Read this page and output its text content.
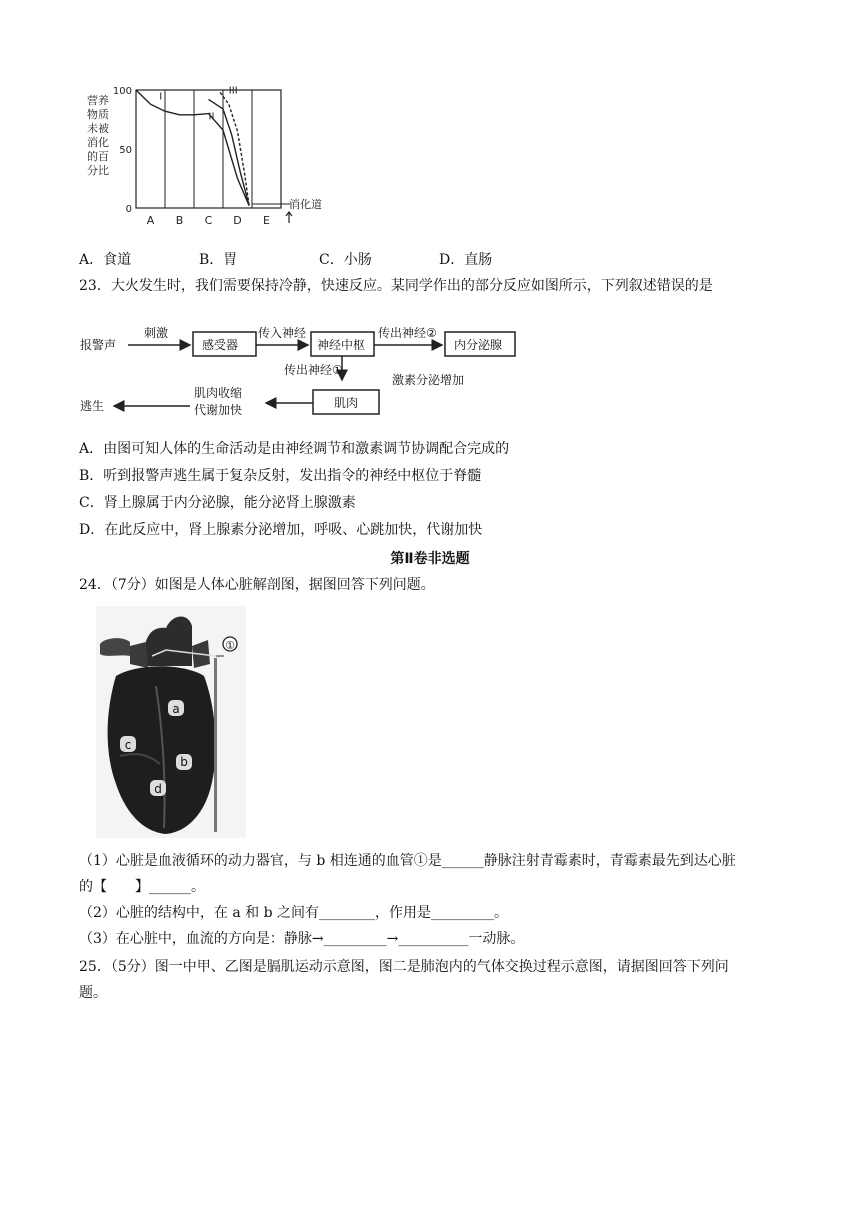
营养
物质
未被
消化
的百
分比
100
50
0
A B C D E
消化道
I
II
III
A．食道	B．胃	C．小肠	D．直肠
23．大火发生时，我们需要保持冷静，快速反应。某同学作出的部分反应如图所示，下列叙述错误的是
报警声
刺激
感受器
传入神经
神经中枢
传出神经②
内分泌腺
传出神经①
激素分泌增加
肌肉
肌肉收缩
代谢加快
逃生
A．由图可知人体的生命活动是由神经调节和激素调节协调配合完成的
B．听到报警声逃生属于复杂反射，发出指令的神经中枢位于脊髓
C．肾上腺属于内分泌腺，能分泌肾上腺激素
D．在此反应中，肾上腺素分泌增加，呼吸、心跳加快，代谢加快
第Ⅱ卷非选题
24．（7分）如图是人体心脏解剖图，据图回答下列问题。
①
a
c
b
d
（1）心脏是血液循环的动力器官，与 b 相连通的血管①是______静脉注射青霉素时，青霉素最先到达心脏
的【　　】______。
（2）心脏的结构中，在 a 和 b 之间有________，作用是_________。
（3）在心脏中，血流的方向是：静脉→_________→__________一动脉。
25．（5分）图一中甲、乙图是膈肌运动示意图，图二是肺泡内的气体交换过程示意图，请据图回答下列问
题。
